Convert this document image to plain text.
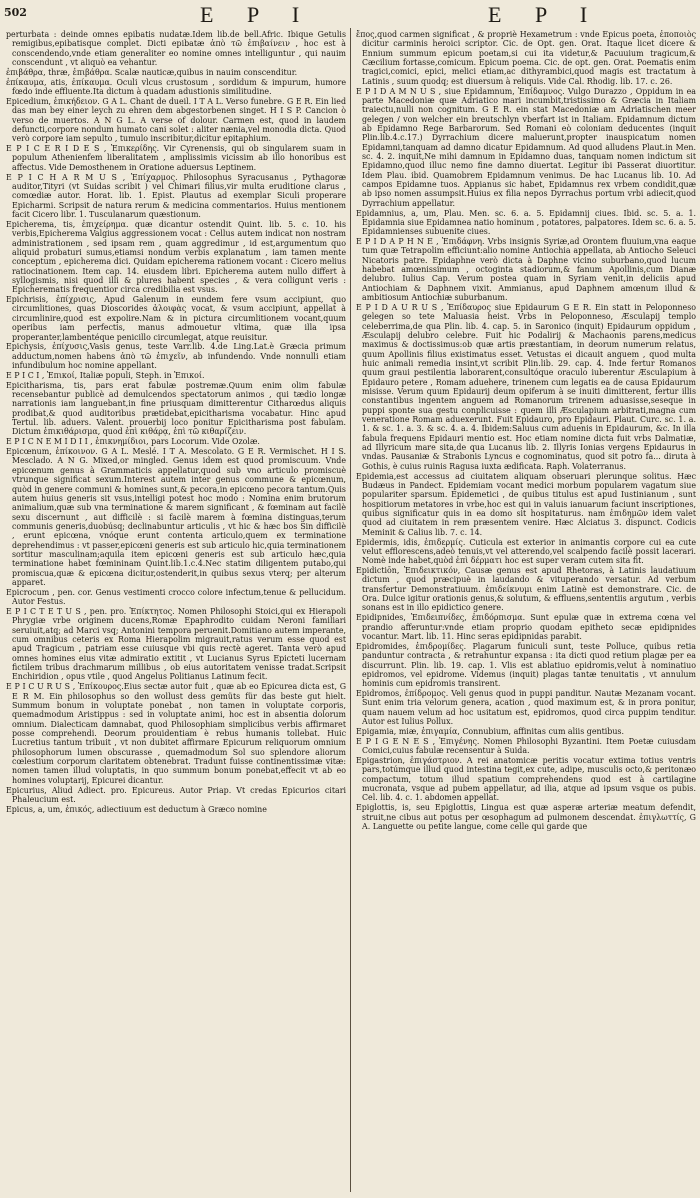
502	E P I	E P I

perturbata : deinde omnes epibatis nudatæ.Idem lib.de bell.Afric. Ibique Getulis remigibus,epibatisque complet. Dicti epibatæ ἀπὸ τῶ ἐπιβαίνειν , hoc est à conscendendo,vnde etiam generaliter eo nomine omnes intelliguntur , qui nauim conscendunt , vt aliquò ea vehantur.

ἐπιβάθρα, thræ, ἐπιβάθρα. Scalæ nauticæ,quibus in nauim conscenditur.

ἐπίκαυμα, atis, ἐπίκαυμα. Oculi vlcus crustosum , sordidum & impurum, humore fœdo inde effluente.Ita dictum à quadam adustionis similitudine.

Epicedium, ἐπικήδειον. G A L. Chant de dueil. I T A L. Verso funebre. G E R. Ein lied das man bey einer leych zu ehren dem abgestorbenen singet. H I S P. Cancion ò verso de muertos. A N G L. A verse of dolour. Carmen est, quod in laudem defuncti,corpore nondum humato cani solet : aliter nænia,vel monodia dicta. Quod verò corpore iam sepulto , tumulo inscribitur,dicitur epitaphium.

E P I C E R I D E S , Ἐπικερίδης. Vir Cyrenensis, qui ob singularem suam in populum Athenienfem liberalitatem , amplissimis vicissim ab illo honoribus est affectus. Vide Demosthenem in Oratione aduersus Leptinem.

E P I C H A R M U S , Ἐπίχαρμος. Philosophus Syracusanus , Pythagoræ auditor,Tityri (vt Suidas scribit ) vel Chimari filius,vir multa eruditione clarus , comœdiæ autor. Horat. lib. 1. Epist. Plautus ad exemplar Siculi properare Epicharmi. Scripsit de natura rerum & medicina commentarios. Huius mentionem facit Cicero libr. 1. Tusculanarum quæstionum.

Epicherema, tis, ἐπιχείρημα. quæ dicantur ostendit Quint. lib. 5. c. 10. his verbis,Epicherema Valgius aggressionem vocat : Cellus autem indicat non nostram administrationem , sed ipsam rem , quam aggredimur , id est,argumentum quo aliquid probaturi sumus,etiamsi nondum verbis explanatum , iam tamen mente conceptum , epicherema dici. Quidam epicherema rationem vocant : Cicero melius ratiocinationem. Item cap. 14. eiusdem libri. Epicherema autem nullo differt à syllogismis, nisi quod illi & plures habent species , & vera colligunt veris : Epicherematis frequentior circa credibilia est vsus.

Epichrisis, ἐπίχρισις, Apud Galenum in eundem fere vsum accipiunt, quo circumlitiones, quas Dioscorides ἀλοιφὰς vocat, & vsum accipiunt, appellat à circumlinire,quod est expolire.Nam & in pictura circumlitionem vocant,quum operibus iam perfectis, manus admouetur vltima, quæ illa ipsa properanter,lambentéque penicillo circumlegat, atque reuisitur.

Epichysis, ἐπίχυσις,Vasis genus, teste Varr.lib. 4.de Ling.Lat.è Græcia primum adductum,nomen habens ἀπὸ τῶ ἐπιχεῖν, ab infundendo. Vnde nonnulli etiam infundibulum hoc nomine appellant.

E P I C I , Ἐπικοί, Italiæ populi, Steph. in Ἐπικοί.

Epicitharisma, tis, pars erat fabulæ postremæ.Quum enim olim fabulæ recensebantur publicè ad demulcendos spectatorum animos , qui tædio longæ narrationis iam languebant,in fine priusquam dimitterentur Citharœdus aliquis prodibat,& quod auditoribus prætidebat,epicitharisma vocabatur. Hinc apud Tertul. lib. aduers. Valent. prouerbij loco ponitur Epicitharisma post fabulam. Dictum ἐπικιθάρισμα, quod ἐπὶ κιθάρᾳ, ἐπὶ τῶ κιθαρίζειν.

E P I C N E M I D I I , ἐπικνημίδιοι, pars Locorum. Vide Ozolæ.

Epicœnum, ἐπίκοινον. G A L. Meslé. I T A. Mescolato. G E R. Vermischet. H I S. Mesclado. A N G. Mixed,or mingled. Genus idem est quod promiscuum. Vnde epicœnum genus à Grammaticis appellatur,quod sub vno articulo promiscuè vtrunque significat sexum.Interest autem inter genus commune & epicœnum, quòd in genere communi & homines sunt,& pecora,in epicœno pecora tantum.Quis autem huius generis sit vsus,intelligi potest hoc modo : Nomina enim brutorum animalium,quæ sub vna terminatione & marem significant , & fœminam aut facilè sexu discernunt , aut difficilè : si facilè marem à fœmina distinguas,terum communis generis,duobúsq; declinabuntur articulis , vt hic & hæc bos Sin difficilè , erunt epicœna, vnóque erunt contenta articulo,quem ex terminatione deprehendimus : vt passer,epicœni generis est sub articulo hic,quia terminationem sortitur masculinam;aquila item epicœni generis est sub articulo hæc,quia terminatione habet fœmininam Quint.lib.1.c.4.Nec statim diligentem putabo,qui promiscua,quæ & epicœna dicitur,ostenderit,in quibus sexus vterq; per alterum apparet.

Epicrocum , pen. cor. Genus vestimenti crocco colore infectum,tenue & pellucidum. Autor Festus.

E P I C T E T U S , pen. pro. Ἐπίκτητος. Nomen Philosophi Stoici,qui ex Hierapoli Phrygiæ vrbe originem ducens,Romæ Epaphrodito cuidam Neroni familiari seruiuit,atq; ad Marci vsq; Antonini tempora peruenit.Domitiano autem imperante, cum omnibus ceteris ex Roma Hierapolim migrauit,ratus verum esse quod est apud Tragicum , patriam esse cuiusque vbi quis rectè ageret. Tanta verò apud omnes homines eius vitæ admiratio extitit , vt Lucianus Syrus Epicteti lucernam fictilem tribus drachmarum millibus , ob eius autoritatem venisse tradat.Scripsit Enchiridion , opus vtile , quod Angelus Politianus Latinum fecit.

E P I C U R U S , Ἐπίκουρος.Eius sectæ autor fuit , quæ ab eo Epicurea dicta est, G E R M. Ein philosophus so den wollust dess gemüts für das beste gut hielt. Summum bonum in voluptate ponebat , non tamen in voluptate corporis, quemadmodum Aristippus : sed in voluptate animi, hoc est in absentia dolorum omnium. Dialecticam damnabat, quod Philosophiam simplicibus verbis affirmaret posse comprehendi. Deorum prouidentiam è rebus humanis tollebat. Huic Lucretius tantum tribuit , vt non dubitet affirmare Epicurum reliquorum omnium philosophorum lumen obscurasse , quemadmodum Sol suo splendore aliorum cœlestium corporum claritatem obtenebrat. Tradunt fuisse continentissimæ vitæ: nomen tamen illud voluptatis, in quo summum bonum ponebat,effecit vt ab eo homines voluptarij, Epicurei dicantur.

Epicurius, Aliud Adiect. pro. Epicureus. Autor Priap. Vt credas Epicurios citari Phaleucium est.

Epicus, a, um, ἐπικός, adiectiuum est deductum à Græco nomine

ἔπος,quod carmen significat , & propriè Hexametrum : vnde Epicus poeta, ἐποποιὸς dicitur carminis heroici scriptor. Cic. de Opt. gen. Orat. Itaque licet dicere & Ennium summum epicum poetam,si cui ita videtur,& Pacuuium tragicum,& Cæcilium fortasse,comicum. Epicum poema. Cic. de opt. gen. Orat. Poematis enim tragici,comici, epici, melici etiam,ac dithyrambici,quod magis est tractatum à Latinis , suum quodq; est diuersum à reliquis. Vide Cal. Rhodig. lib. 17. c. 26.

E P I D A M N U S , siue Epidamnum, Ἐπίδαμνος. Vulgo Durazzo , Oppidum in ea parte Macedoniæ quæ Adriatico mari incumbit,tristissimo & Græcia in Italiam traiectu,nulli non cognitum. G E R. ein stat Macedoniæ am Adriatischen meer gelegen / von welcher ein breutschlyn vberfart ist in Italiam. Epidamnum dictum ab Epidamno Rege Barbarorum. Sed Romani eò coloniam deducentes (inquit Plin.lib.4.c.17.) Dyrrachium dicere maluerunt,propter inauspicatum nomen Epidamni,tanquam ad damno dicatur Epidamnum. Ad quod alludens Plaut.in Men. sc. 4. 2. inquit,Ne mihi damnum in Epidamno duas, tanquam nomen indictum sit Epidamno,quod illuc nemo fine damno diuertat. Legitur ibi Passerat diuortitur. Idem Plau. ibid. Quamobrem Epidamnum venimus. De hac Lucanus lib. 10. Ad campos Epidamne tuos. Appianus sic habet, Epidamnus rex vrbem condidit,quæ ab ipso nomen assumpsit.Huius ex filia nepos Dyrrachus portum vrbi adiecit,quod Dyrrachium appellatur.

Epidamnius, a, um, Plau. Men. sc. 6. a. 5. Epidamnij ciues. Ibid. sc. 5. a. 1. Epidamnia siue Epidamnea natio hominum , potatores, palpatores. Idem sc. 6. a. 5. Epidamnienses subuenite ciues.

E P I D A P H N E , Ἐπιδάφνη. Vrbs insignis Syriæ,ad Orontem fluuium,vna eaque tum quæ Tetrapolim efficiunt:alio nomine Antiochia appellata, ab Antiocho Seleuci Nicatoris patre. Epidaphne verò dicta à Daphne vicino suburbano,quod lucum habebat amœnissimum , octoginta stadiorum,& fanum Apollinis,cum Dianæ delubro. Iulius Cap. Verum postea quam in Syriam venit,in deliciis apud Antiochiam & Daphnem vixit. Ammianus, apud Daphnem amœnum illud & ambitiosum Antiochiæ suburbanum.

E P I D A U R U S , Ἐπίδαυρος siue Epidaurum G E R. Ein statt in Peloponneso gelegen so tete Maluasia heist. Vrbs in Peloponneso, Æsculapij templo celeberrima,de qua Plin. lib. 4. cap. 5. in Saronico (inquit) Epidaurum oppidum , Æsculapij delubro celebre. Fuit hic Podalirij & Machaonis parens,medicus maximus & doctissimus:ob quæ artis præstantiam, in deorum numerum relatus, quum Apollinis filius existimatus esset. Vetustas ei dicauit anguem , quod multa huic animali remedia insint,vt scribit Plin.lib. 29. cap. 4. Inde fertur Romanos quum graui pestilentia laborarent,consultóque oraculo iuberentur Æsculapium à Epidauro petere , Romam aduehere, trinenem cum legatis ea de causa Epidaurum misisse. Verum quum Epidaurij deum opiferum à se inuiti dimitterent, fertur illis constantibus ingentem anguem ad Romanorum trirenem aduasisse,seseque in puppi sponte sua gestu conplicuisse : quem illi Æsculapium arbitrati,magna cum veneratione Romam aduexerunt. Fuit Epidauro, pro Epidauri. Plaut. Curc. sc. 1. a. 1. & sc. 1. a. 3. & sc. 4. a. 4. Ibidem:Saluus cum aduenis in Epidaurum, &c. In illa fabula frequens Epidauri mentio est. Hoc etiam nomine dicta fuit vrbs Dalmatiæ, ad Illyricum mare sita,de qua Lucanus lib. 2. Illyris Ionias vergens Epidaurus in vndas. Pausaniæ & Strabonis Lyncus e cognominatus, quod sit potro fa... diruta à Gothis, è cuius ruinis Ragusa iuxta ædificata. Raph. Volaterranus.

Epidemia,est accessus ad ciuitatem aliquam obseruari plerunque solitus. Hæc Budæus in Pandect. Epidemiam vocant medici morbum popularem vagatum siue populariter sparsum. Epidemetici , de quibus titulus est apud Iustinianum , sunt hospitiorum metatores in vrbe,hoc est qui in valuis ianuarum faciunt inscriptiones, quibus significatur quis in ea domo sit hospitaturus. nam ἐπιδημῶν idem valet quod ad ciuitatem in rem præsentem venire. Hæc Alciatus 3. dispunct. Codicis Meminit & Calius lib. 7. c. 14.

Epidermis, idis, ἐπιδερμίς. Cuticula est exterior in animantis corpore cui ea cute velut efflorescens,adeò tenuis,vt vel atterendo,vel scalpendo facilè possit lacerari. Nomè inde habet,quòd ἐπὶ δέρματι hoc est super veram cutem sita fit.

Epidictiōn, Ἐπιδεικτικόν, Causæ genus est apud Rhetoras, à Latinis laudatiuum dictum , quod præcipuè in laudando & vituperando versatur. Ad verbum transfertur Demonstratiuum. ἐπιδείκνυμι enim Latinè est demonstrare. Cic. de Ora. Dulce igitur orationis genus,& solutum, & effluens,sententiis argutum , verbis sonans est in illo epidictico genere.

Epidipnides, Ἐπιδειπνίδες, ἐπιδόρπισμα. Sunt epulæ quæ in extrema cœna vel prandio afferuntur:vnde etiam proprio quodam epitheto secæ epidipnides vocantur. Mart. lib. 11. Hinc seras epidipnidas parabit.

Epidromides, ἐπιδρομίδες. Plagarum funiculi sunt, teste Polluce, quibus retia panduntur contracta , & retrahuntur expansa : ita dicti quod retium plagæ per ea discurrunt. Plin. lib. 19. cap. 1. Vlis est ablatiuo epidromis,velut à nominatiuo epidromos, vel epidrome. Videmus (inquit) plagas tantæ tenuitatis , vt annulum hominis cum epidromis transirent.

Epidromos, ἐπίδρομος. Veli genus quod in puppi panditur. Nautæ Mezanam vocant. Sunt enim tria velorum genera, acation , quod maximum est, & in prora ponitur, quam nauem velum ad hoc usitatum est, epidromos, quod circa puppim tenditur. Autor est Iulius Pollux.

Epigamia, miæ, ἐπιγαμία, Connubium, affinitas cum aliis gentibus.

E P I G E N E S , Ἐπιγένης. Nomen Philosophi Byzantini. Item Poetæ cuiusdam Comici,cuius fabulæ recensentur à Suida.

Epigastrion, ἐπιγάστριον. A rei anatomicæ peritis vocatur extima totius ventris pars,totúmque illud quod intestina tegit,ex cute, adipe, musculis octo,& peritonæo compactum, totum illud spatium comprehendens quod est à cartilagine mucronata, vsque ad pubem appellatur, ad ilia, atque ad ipsum vsque os pubis. Cel. lib. 4. c. 1. abdomen appellat.

Epiglottis, is, seu Epiglottis, Lingua est quæ asperæ arteriæ meatum defendit, struit,ne cibus aut potus per œsophagum ad pulmonem descendat. ἐπιγλωττίς, G A. Languette ou petite langue, come celle qui garde que
